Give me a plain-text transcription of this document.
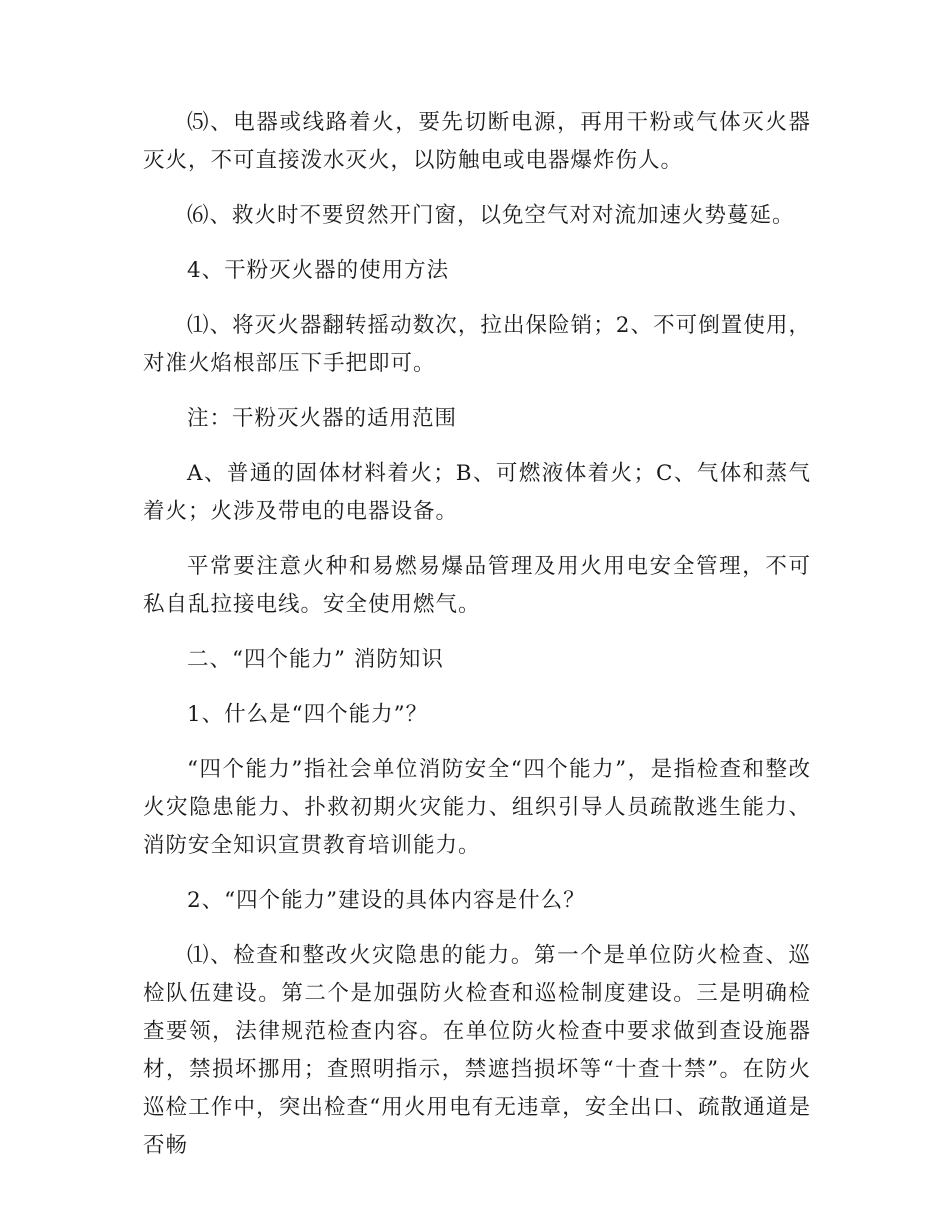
⑸、电器或线路着火，要先切断电源，再用干粉或气体灭火器灭火，不可直接泼水灭火，以防触电或电器爆炸伤人。

⑹、救火时不要贸然开门窗，以免空气对对流加速火势蔓延。

4、干粉灭火器的使用方法

⑴、将灭火器翻转摇动数次，拉出保险销；2、不可倒置使用，对准火焰根部压下手把即可。

注：干粉灭火器的适用范围

A、普通的固体材料着火；B、可燃液体着火；C、气体和蒸气着火；火涉及带电的电器设备。

平常要注意火种和易燃易爆品管理及用火用电安全管理，不可私自乱拉接电线。安全使用燃气。

二、“四个能力” 消防知识

1、什么是“四个能力”？

“四个能力”指社会单位消防安全“四个能力”，是指检查和整改火灾隐患能力、扑救初期火灾能力、组织引导人员疏散逃生能力、消防安全知识宣贯教育培训能力。

2、“四个能力”建设的具体内容是什么？

⑴、检查和整改火灾隐患的能力。第一个是单位防火检查、巡检队伍建设。第二个是加强防火检查和巡检制度建设。三是明确检查要领，法律规范检查内容。在单位防火检查中要求做到查设施器材，禁损坏挪用；查照明指示，禁遮挡损坏等“十查十禁”。在防火巡检工作中，突出检查“用火用电有无违章，安全出口、疏散通道是否畅
